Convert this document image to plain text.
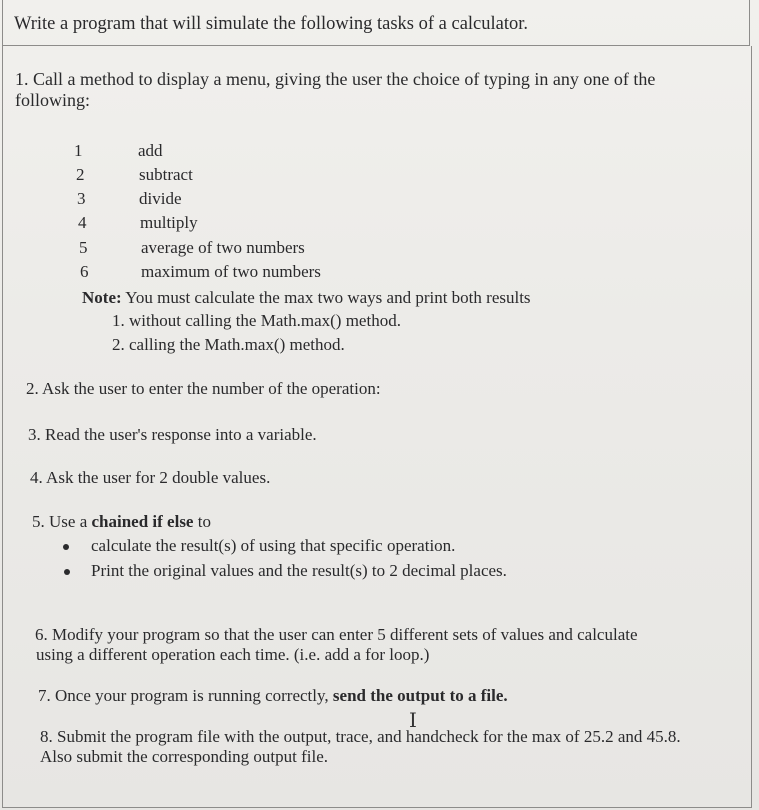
Write a program that will simulate the following tasks of a calculator.
1. Call a method to display a menu, giving the user the choice of typing in any one of the
following:
1	add
2	subtract
3	divide
4	multiply
5	average of two numbers
6	maximum of two numbers
Note: You must calculate the max two ways and print both results
1. without calling the Math.max() method.
2. calling the Math.max() method.
2. Ask the user to enter the number of the operation:
3. Read the user's response into a variable.
4. Ask the user for 2 double values.
5. Use a chained if else to
calculate the result(s) of using that specific operation.
Print the original values and the result(s) to 2 decimal places.
6. Modify your program so that the user can enter 5 different sets of values and calculate
using a different operation each time. (i.e. add a for loop.)
7. Once your program is running correctly, send the output to a file.
I
8. Submit the program file with the output, trace, and handcheck for the max of 25.2 and 45.8.
Also submit the corresponding output file.
